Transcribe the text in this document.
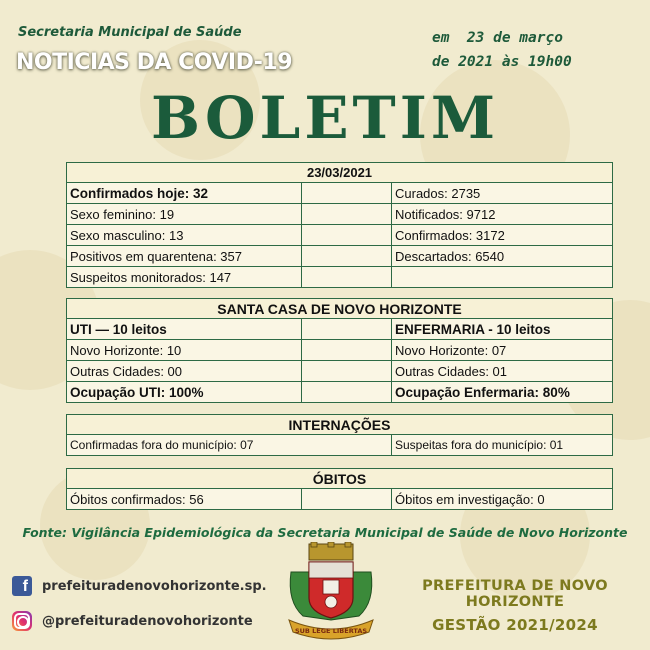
Secretaria Municipal de Saúde
NOTICIAS DA COVID-19
em  23 de março
de 2021 às 19h00
BOLETIM
23/03/2021		
Confirmados hoje: 32		Curados: 2735
Sexo feminino: 19		Notificados: 9712
Sexo masculino: 13		Confirmados: 3172
Positivos em quarentena: 357		Descartados: 6540
Suspeitos monitorados: 147		
SANTA CASA DE NOVO HORIZONTE		
UTI — 10 leitos		ENFERMARIA - 10 leitos
Novo Horizonte: 10		Novo Horizonte: 07
Outras Cidades: 00		Outras Cidades: 01
Ocupação UTI: 100%		Ocupação Enfermaria: 80%
INTERNAÇÕES
Confirmadas fora do município: 07	Suspeitas fora do município: 01
ÓBITOS
Óbitos confirmados: 56		Óbitos em investigação: 0
Fonte: Vigilância Epidemiológica da Secretaria Municipal de Saúde de Novo Horizonte
f	prefeituradenovohorizonte.sp.
@prefeituradenovohorizonte
SUB LEGE LIBERTAS
PREFEITURA DE NOVO HORIZONTE
GESTÃO 2021/2024
